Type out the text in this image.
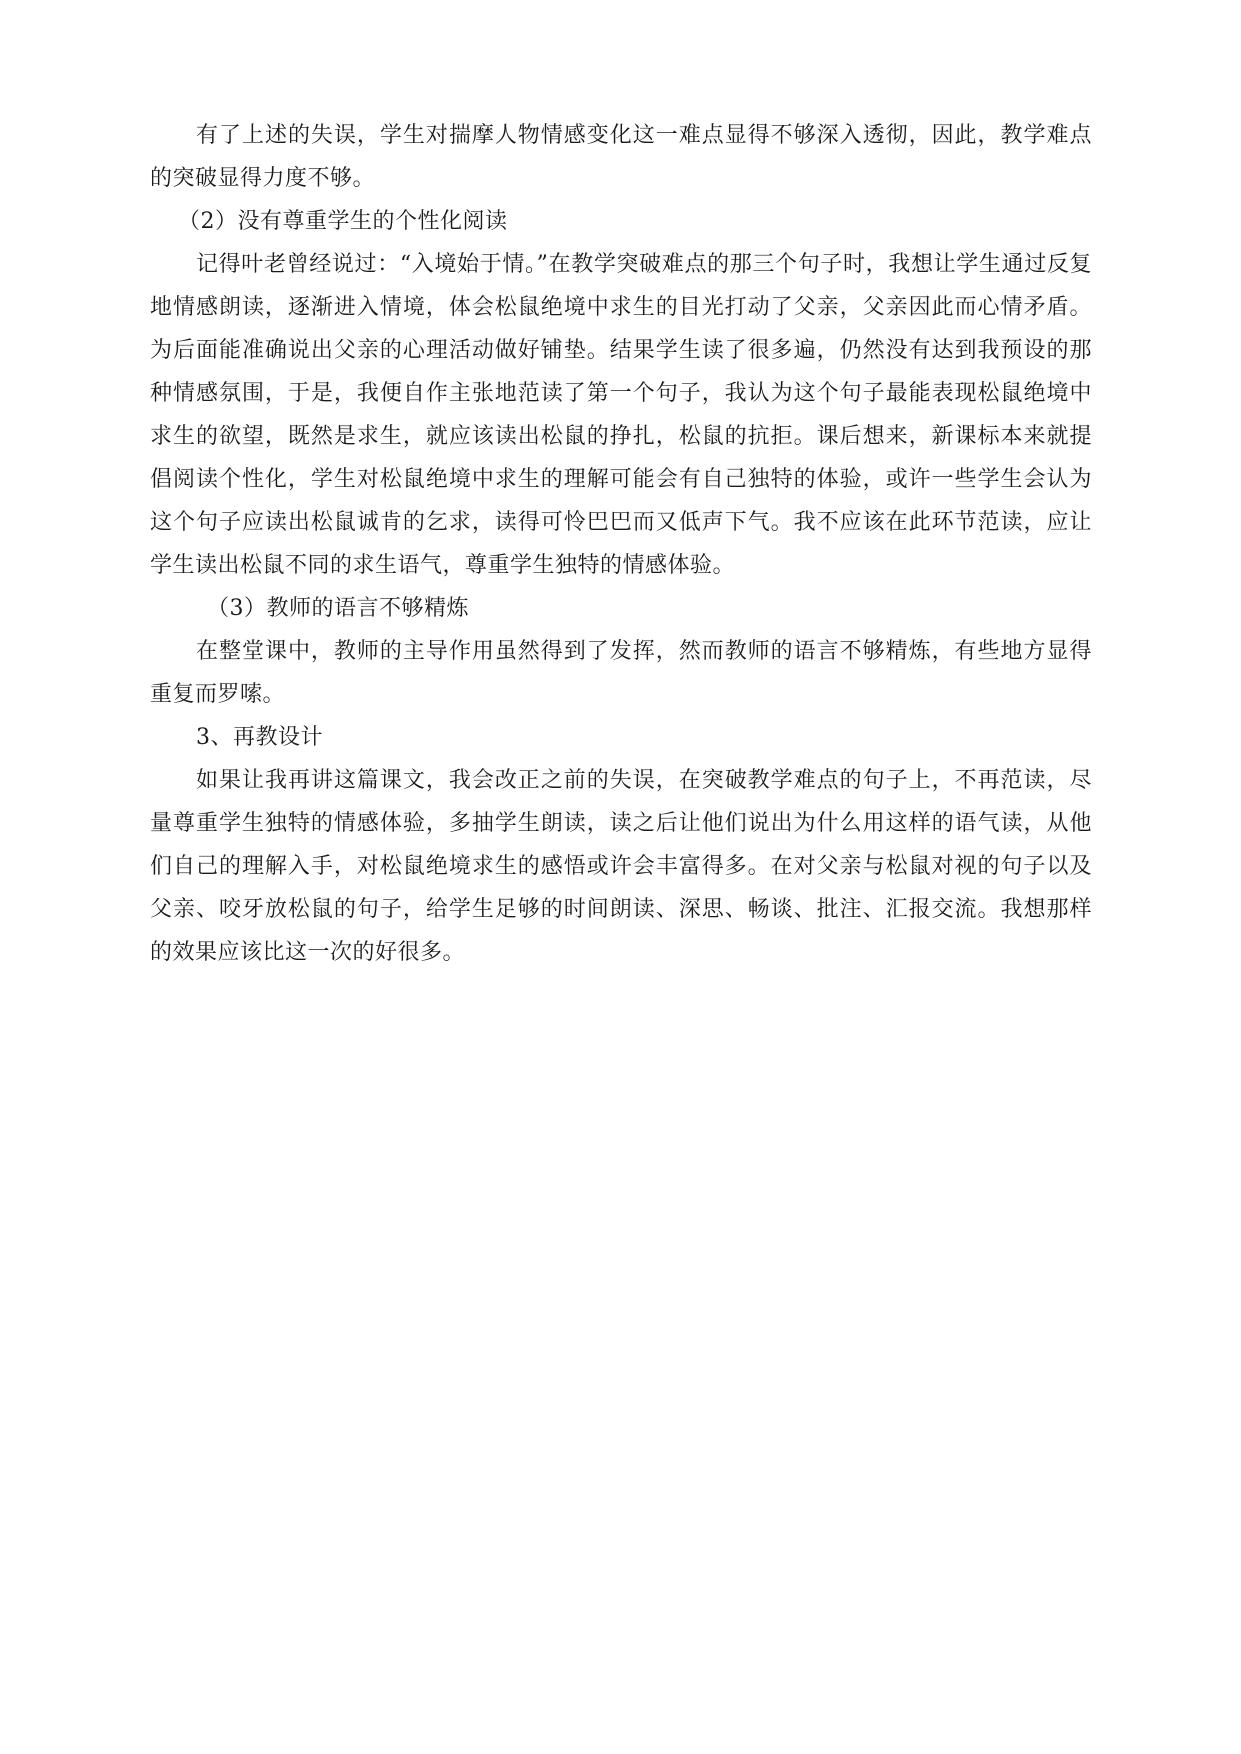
有了上述的失误，学生对揣摩人物情感变化这一难点显得不够深入透彻，因此，教学难点的突破显得力度不够。

（2）没有尊重学生的个性化阅读

记得叶老曾经说过：“入境始于情。”在教学突破难点的那三个句子时，我想让学生通过反复地情感朗读，逐渐进入情境，体会松鼠绝境中求生的目光打动了父亲，父亲因此而心情矛盾。为后面能准确说出父亲的心理活动做好铺垫。结果学生读了很多遍，仍然没有达到我预设的那种情感氛围，于是，我便自作主张地范读了第一个句子，我认为这个句子最能表现松鼠绝境中求生的欲望，既然是求生，就应该读出松鼠的挣扎，松鼠的抗拒。课后想来，新课标本来就提倡阅读个性化，学生对松鼠绝境中求生的理解可能会有自己独特的体验，或许一些学生会认为这个句子应读出松鼠诚肯的乞求，读得可怜巴巴而又低声下气。我不应该在此环节范读，应让学生读出松鼠不同的求生语气，尊重学生独特的情感体验。

（3）教师的语言不够精炼

在整堂课中，教师的主导作用虽然得到了发挥，然而教师的语言不够精炼，有些地方显得重复而罗嗦。

3、再教设计

如果让我再讲这篇课文，我会改正之前的失误，在突破教学难点的句子上，不再范读，尽量尊重学生独特的情感体验，多抽学生朗读，读之后让他们说出为什么用这样的语气读，从他们自己的理解入手，对松鼠绝境求生的感悟或许会丰富得多。在对父亲与松鼠对视的句子以及父亲、咬牙放松鼠的句子，给学生足够的时间朗读、深思、畅谈、批注、汇报交流。我想那样的效果应该比这一次的好很多。
